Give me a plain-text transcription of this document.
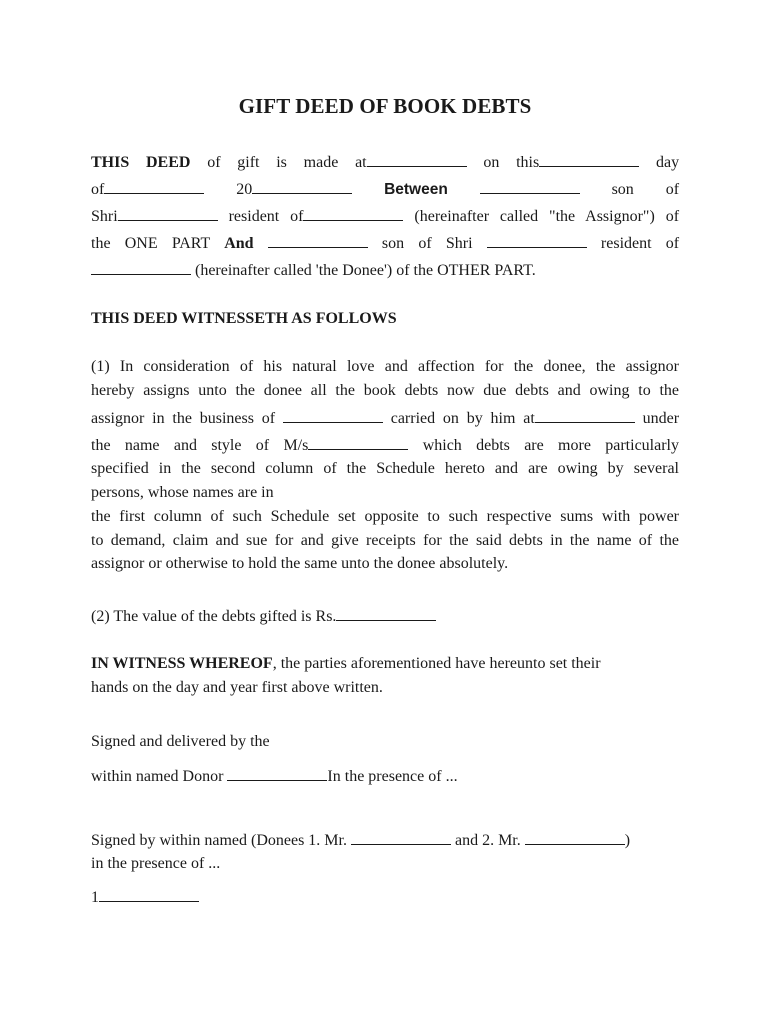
GIFT DEED OF BOOK DEBTS
THIS DEED of gift is made at	on this	day
of	20	Between	son of
Shri	resident of	(hereinafter called "the Assignor") of
the ONE PART And	son of Shri	resident of
(hereinafter called 'the Donee') of the OTHER PART.
THIS DEED WITNESSETH AS FOLLOWS
(1) In consideration of his natural love and affection for the donee, the assignor
hereby assigns unto the donee all the book debts now due debts and owing to the
assignor in the business of	carried on by him at	under
the name and style of M/s	which debts are more particularly
specified in the second column of the Schedule hereto and are owing by several
persons, whose names are in
the first column of such Schedule set opposite to such respective sums with power
to demand, claim and sue for and give receipts for the said debts in the name of the
assignor or otherwise to hold the same unto the donee absolutely.
(2) The value of the debts gifted is Rs.
IN WITNESS WHEREOF, the parties aforementioned have hereunto set their
hands on the day and year first above written.
Signed and delivered by the
within named Donor	In the presence of ...
Signed by within named (Donees 1. Mr.	and 2. Mr.	)
in the presence of ...
1
